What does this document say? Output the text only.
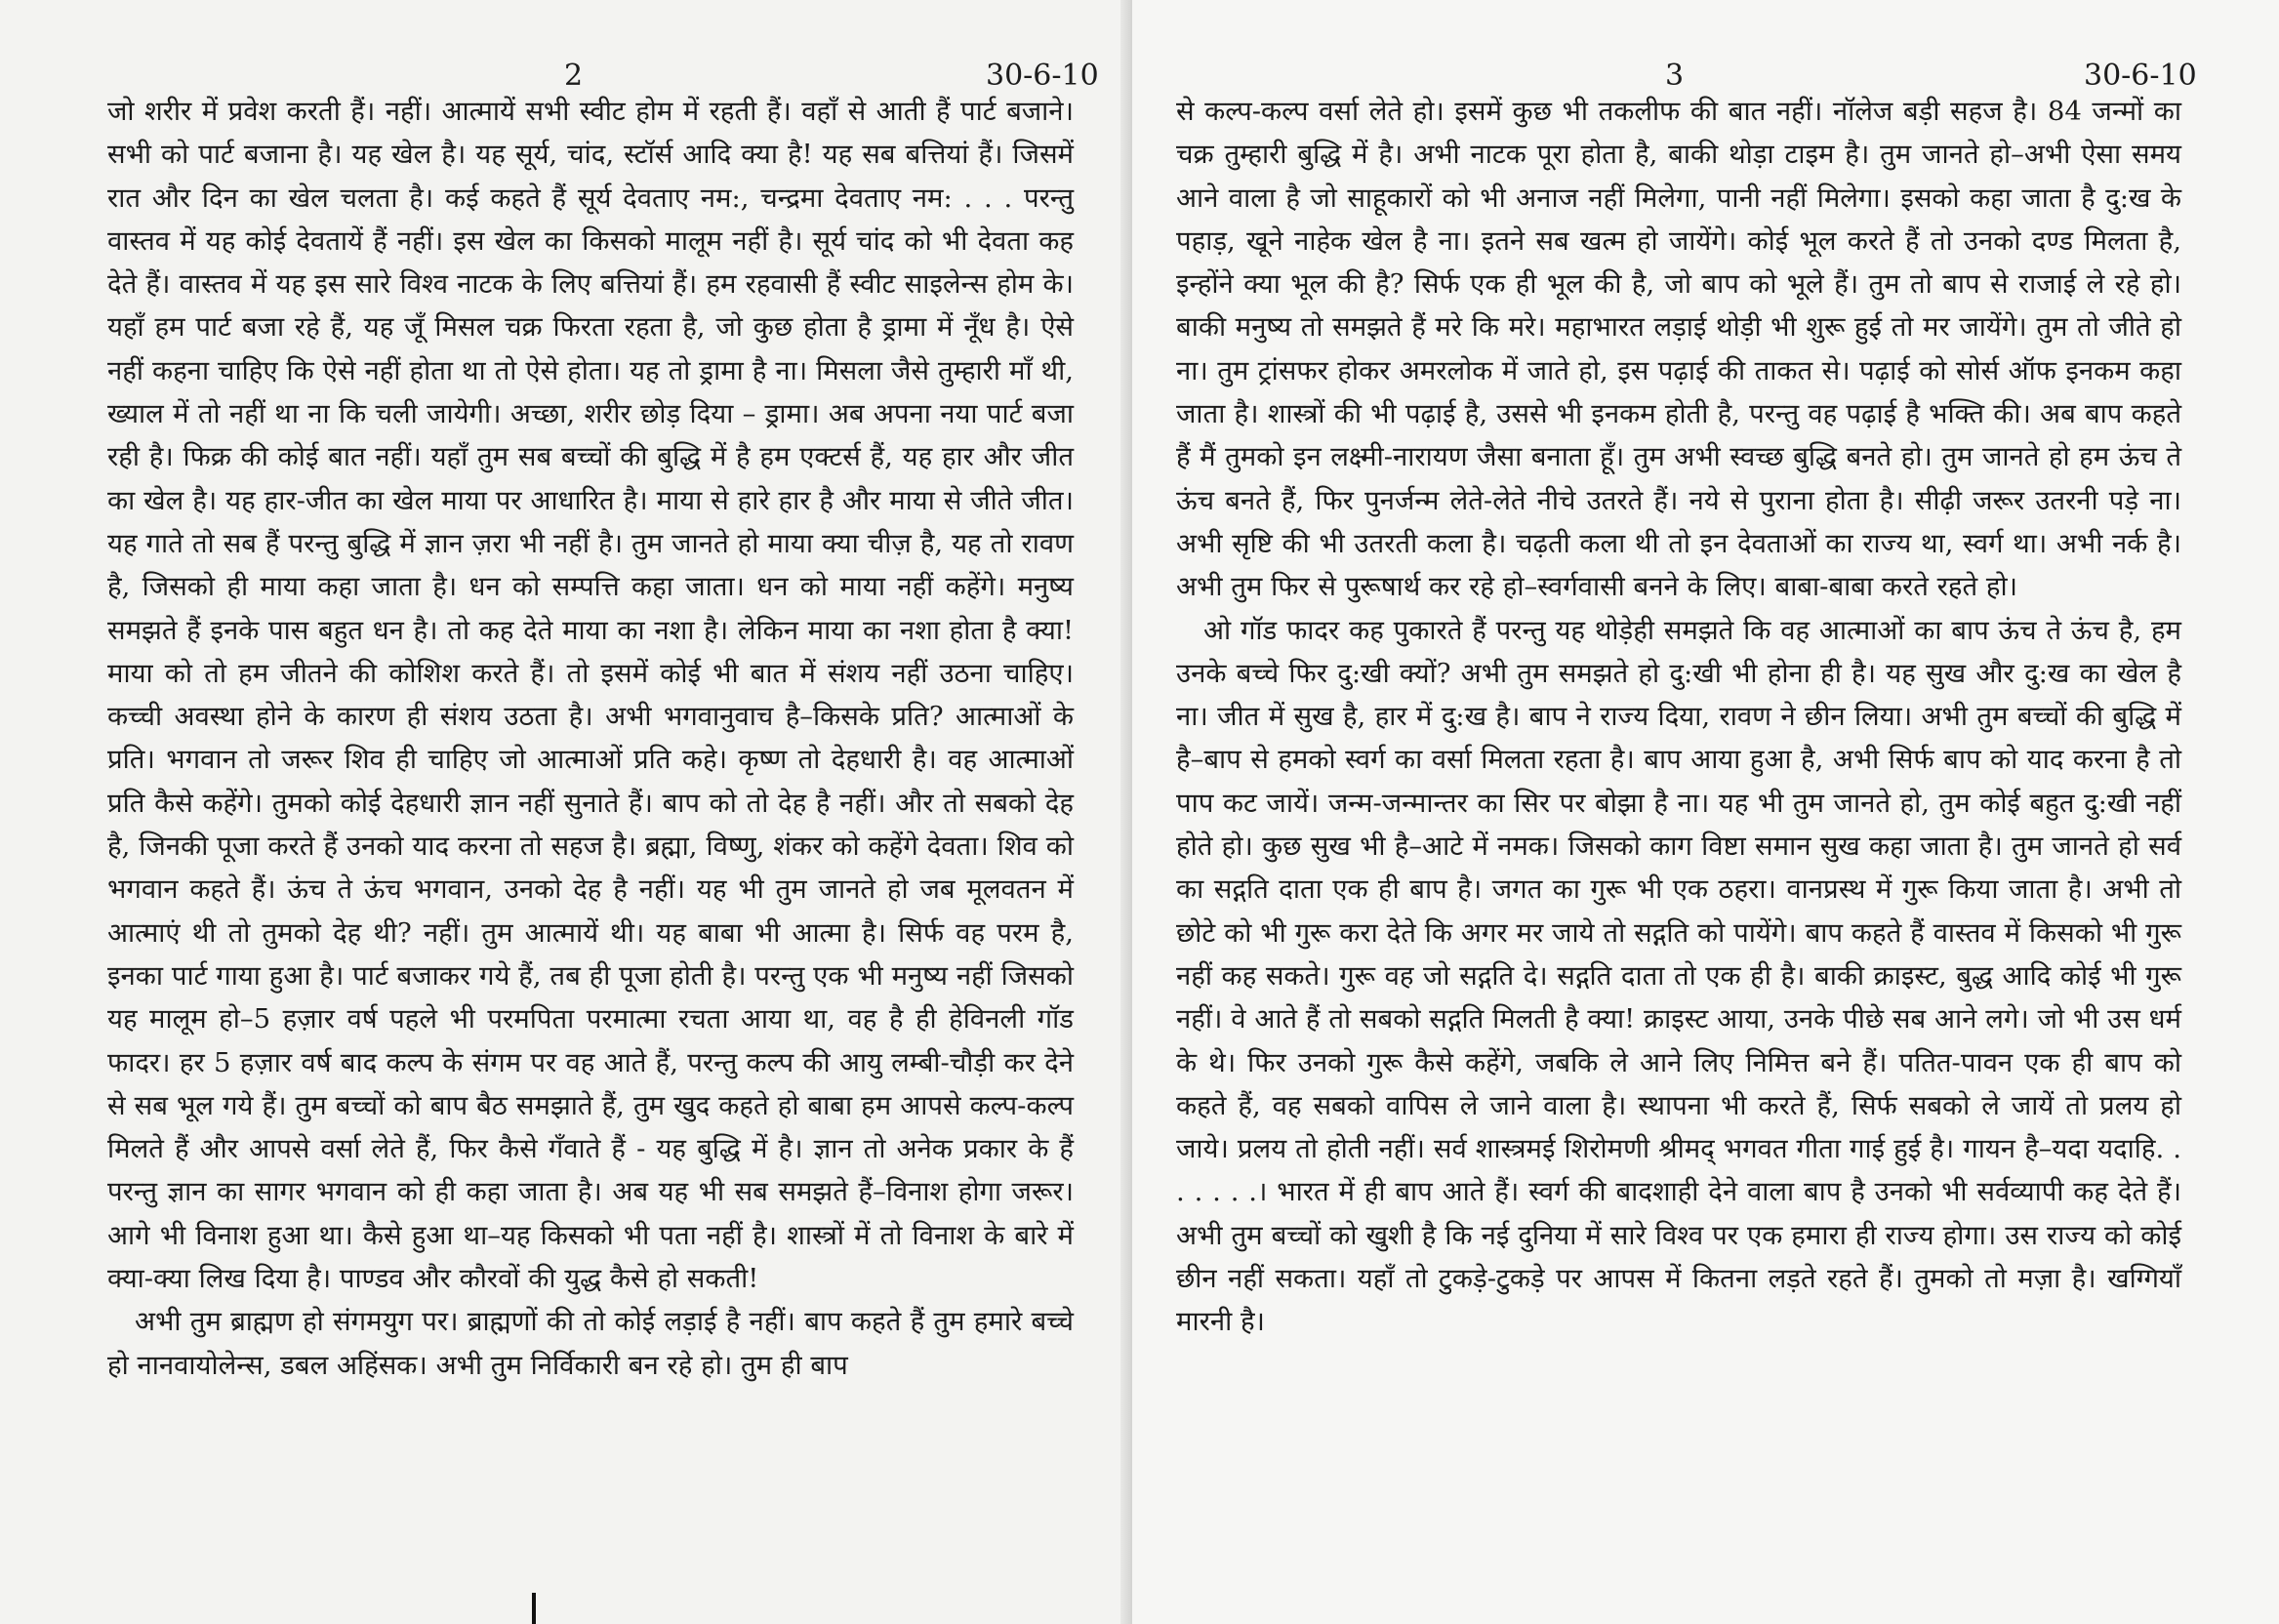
2	30-6-10

जो शरीर में प्रवेश करती हैं। नहीं। आत्मायें सभी स्वीट होम में रहती हैं। वहाँ से आती हैं पार्ट बजाने। सभी को पार्ट बजाना है। यह खेल है। यह सूर्य, चांद, स्टॉर्स आदि क्या है! यह सब बत्तियां हैं। जिसमें रात और दिन का खेल चलता है। कई कहते हैं सूर्य देवताए नम:, चन्द्रमा देवताए नम: . . . परन्तु वास्तव में यह कोई देवतायें हैं नहीं। इस खेल का किसको मालूम नहीं है। सूर्य चांद को भी देवता कह देते हैं। वास्तव में यह इस सारे विश्व नाटक के लिए बत्तियां हैं। हम रहवासी हैं स्वीट साइलेन्स होम के। यहाँ हम पार्ट बजा रहे हैं, यह जूँ मिसल चक्र फिरता रहता है, जो कुछ होता है ड्रामा में नूँध है। ऐसे नहीं कहना चाहिए कि ऐसे नहीं होता था तो ऐसे होता। यह तो ड्रामा है ना। मिसला जैसे तुम्हारी माँ थी, ख्याल में तो नहीं था ना कि चली जायेगी। अच्छा, शरीर छोड़ दिया – ड्रामा। अब अपना नया पार्ट बजा रही है। फिक्र की कोई बात नहीं। यहाँ तुम सब बच्चों की बुद्धि में है हम एक्टर्स हैं, यह हार और जीत का खेल है। यह हार-जीत का खेल माया पर आधारित है। माया से हारे हार है और माया से जीते जीत। यह गाते तो सब हैं परन्तु बुद्धि में ज्ञान ज़रा भी नहीं है। तुम जानते हो माया क्या चीज़ है, यह तो रावण है, जिसको ही माया कहा जाता है। धन को सम्पत्ति कहा जाता। धन को माया नहीं कहेंगे। मनुष्य समझते हैं इनके पास बहुत धन है। तो कह देते माया का नशा है। लेकिन माया का नशा होता है क्या! माया को तो हम जीतने की कोशिश करते हैं। तो इसमें कोई भी बात में संशय नहीं उठना चाहिए। कच्ची अवस्था होने के कारण ही संशय उठता है। अभी भगवानुवाच है–किसके प्रति? आत्माओं के प्रति। भगवान तो जरूर शिव ही चाहिए जो आत्माओं प्रति कहे। कृष्ण तो देहधारी है। वह आत्माओं प्रति कैसे कहेंगे। तुमको कोई देहधारी ज्ञान नहीं सुनाते हैं। बाप को तो देह है नहीं। और तो सबको देह है, जिनकी पूजा करते हैं उनको याद करना तो सहज है। ब्रह्मा, विष्णु, शंकर को कहेंगे देवता। शिव को भगवान कहते हैं। ऊंच ते ऊंच भगवान, उनको देह है नहीं। यह भी तुम जानते हो जब मूलवतन में आत्माएं थी तो तुमको देह थी? नहीं। तुम आत्मायें थी। यह बाबा भी आत्मा है। सिर्फ वह परम है, इनका पार्ट गाया हुआ है। पार्ट बजाकर गये हैं, तब ही पूजा होती है। परन्तु एक भी मनुष्य नहीं जिसको यह मालूम हो–5 हज़ार वर्ष पहले भी परमपिता परमात्मा रचता आया था, वह है ही हेविनली गॉड फादर। हर 5 हज़ार वर्ष बाद कल्प के संगम पर वह आते हैं, परन्तु कल्प की आयु लम्बी-चौड़ी कर देने से सब भूल गये हैं। तुम बच्चों को बाप बैठ समझाते हैं, तुम खुद कहते हो बाबा हम आपसे कल्प-कल्प मिलते हैं और आपसे वर्सा लेते हैं, फिर कैसे गँवाते हैं - यह बुद्धि में है। ज्ञान तो अनेक प्रकार के हैं परन्तु ज्ञान का सागर भगवान को ही कहा जाता है। अब यह भी सब समझते हैं–विनाश होगा जरूर। आगे भी विनाश हुआ था। कैसे हुआ था–यह किसको भी पता नहीं है। शास्त्रों में तो विनाश के बारे में क्या-क्या लिख दिया है। पाण्डव और कौरवों की युद्ध कैसे हो सकती!

अभी तुम ब्राह्मण हो संगमयुग पर। ब्राह्मणों की तो कोई लड़ाई है नहीं। बाप कहते हैं तुम हमारे बच्चे हो नानवायोलेन्स, डबल अहिंसक। अभी तुम निर्विकारी बन रहे हो। तुम ही बाप

3	30-6-10

से कल्प-कल्प वर्सा लेते हो। इसमें कुछ भी तकलीफ की बात नहीं। नॉलेज बड़ी सहज है। 84 जन्मों का चक्र तुम्हारी बुद्धि में है। अभी नाटक पूरा होता है, बाकी थोड़ा टाइम है। तुम जानते हो–अभी ऐसा समय आने वाला है जो साहूकारों को भी अनाज नहीं मिलेगा, पानी नहीं मिलेगा। इसको कहा जाता है दु:ख के पहाड़, खूने नाहेक खेल है ना। इतने सब खत्म हो जायेंगे। कोई भूल करते हैं तो उनको दण्ड मिलता है, इन्होंने क्या भूल की है? सिर्फ एक ही भूल की है, जो बाप को भूले हैं। तुम तो बाप से राजाई ले रहे हो। बाकी मनुष्य तो समझते हैं मरे कि मरे। महाभारत लड़ाई थोड़ी भी शुरू हुई तो मर जायेंगे। तुम तो जीते हो ना। तुम ट्रांसफर होकर अमरलोक में जाते हो, इस पढ़ाई की ताकत से। पढ़ाई को सोर्स ऑफ इनकम कहा जाता है। शास्त्रों की भी पढ़ाई है, उससे भी इनकम होती है, परन्तु वह पढ़ाई है भक्ति की। अब बाप कहते हैं मैं तुमको इन लक्ष्मी-नारायण जैसा बनाता हूँ। तुम अभी स्वच्छ बुद्धि बनते हो। तुम जानते हो हम ऊंच ते ऊंच बनते हैं, फिर पुनर्जन्म लेते-लेते नीचे उतरते हैं। नये से पुराना होता है। सीढ़ी जरूर उतरनी पड़े ना। अभी सृष्टि की भी उतरती कला है। चढ़ती कला थी तो इन देवताओं का राज्य था, स्वर्ग था। अभी नर्क है। अभी तुम फिर से पुरूषार्थ कर रहे हो–स्वर्गवासी बनने के लिए। बाबा-बाबा करते रहते हो।

ओ गॉड फादर कह पुकारते हैं परन्तु यह थोड़ेही समझते कि वह आत्माओं का बाप ऊंच ते ऊंच है, हम उनके बच्चे फिर दु:खी क्यों? अभी तुम समझते हो दु:खी भी होना ही है। यह सुख और दु:ख का खेल है ना। जीत में सुख है, हार में दु:ख है। बाप ने राज्य दिया, रावण ने छीन लिया। अभी तुम बच्चों की बुद्धि में है–बाप से हमको स्वर्ग का वर्सा मिलता रहता है। बाप आया हुआ है, अभी सिर्फ बाप को याद करना है तो पाप कट जायें। जन्म-जन्मान्तर का सिर पर बोझा है ना। यह भी तुम जानते हो, तुम कोई बहुत दु:खी नहीं होते हो। कुछ सुख भी है–आटे में नमक। जिसको काग विष्टा समान सुख कहा जाता है। तुम जानते हो सर्व का सद्गति दाता एक ही बाप है। जगत का गुरू भी एक ठहरा। वानप्रस्थ में गुरू किया जाता है। अभी तो छोटे को भी गुरू करा देते कि अगर मर जाये तो सद्गति को पायेंगे। बाप कहते हैं वास्तव में किसको भी गुरू नहीं कह सकते। गुरू वह जो सद्गति दे। सद्गति दाता तो एक ही है। बाकी क्राइस्ट, बुद्ध आदि कोई भी गुरू नहीं। वे आते हैं तो सबको सद्गति मिलती है क्या! क्राइस्ट आया, उनके पीछे सब आने लगे। जो भी उस धर्म के थे। फिर उनको गुरू कैसे कहेंगे, जबकि ले आने लिए निमित्त बने हैं। पतित-पावन एक ही बाप को कहते हैं, वह सबको वापिस ले जाने वाला है। स्थापना भी करते हैं, सिर्फ सबको ले जायें तो प्रलय हो जाये। प्रलय तो होती नहीं। सर्व शास्त्रमई शिरोमणी श्रीमद् भगवत गीता गाई हुई है। गायन है–यदा यदाहि. . . . . . .। भारत में ही बाप आते हैं। स्वर्ग की बादशाही देने वाला बाप है उनको भी सर्वव्यापी कह देते हैं। अभी तुम बच्चों को खुशी है कि नई दुनिया में सारे विश्व पर एक हमारा ही राज्य होगा। उस राज्य को कोई छीन नहीं सकता। यहाँ तो टुकड़े-टुकड़े पर आपस में कितना लड़ते रहते हैं। तुमको तो मज़ा है। खग्गियाँ मारनी है।
